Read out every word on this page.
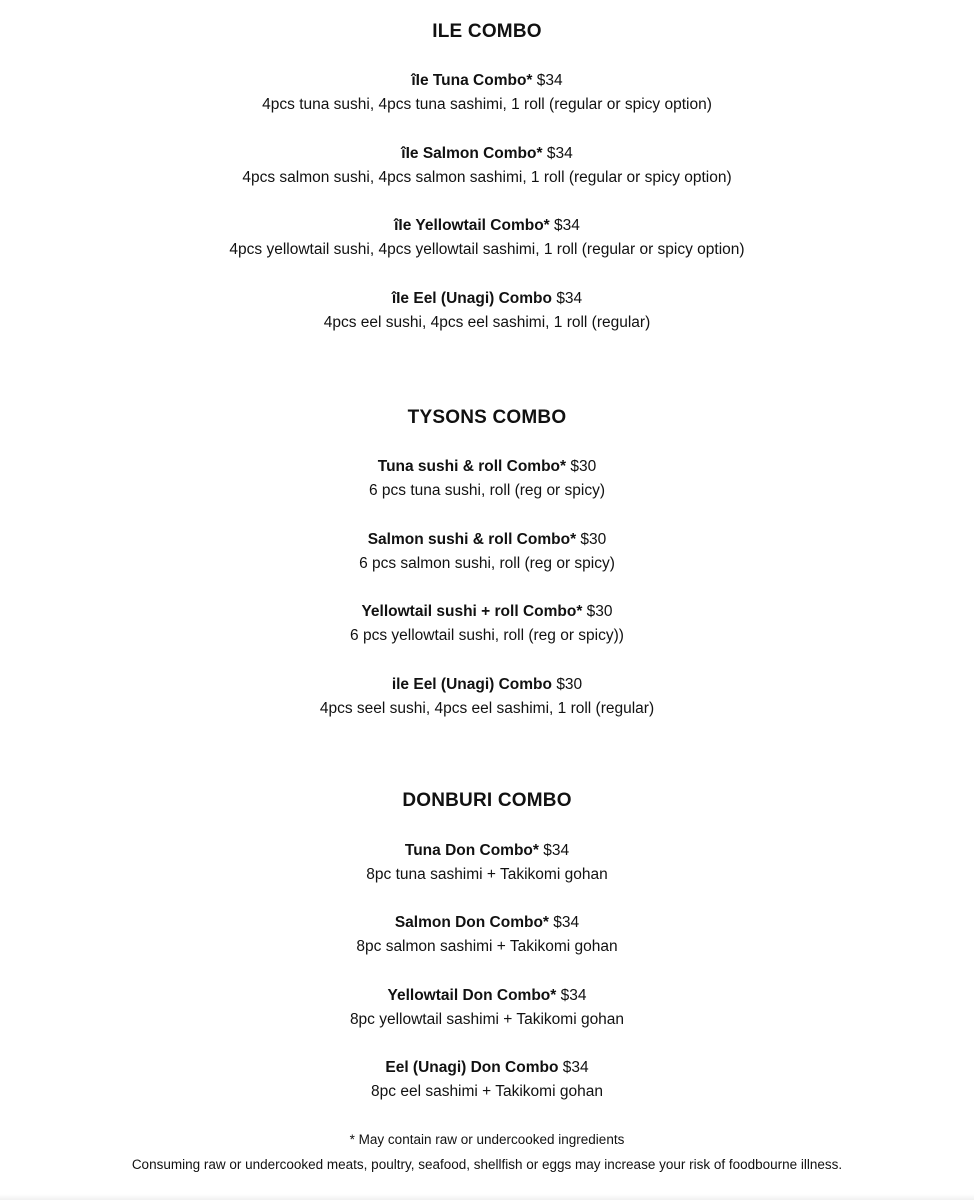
ILE COMBO
îIe Tuna Combo* $34
4pcs tuna sushi, 4pcs tuna sashimi, 1 roll (regular or spicy option)
îIe Salmon Combo* $34
4pcs salmon sushi, 4pcs salmon sashimi, 1 roll (regular or spicy option)
îIe Yellowtail Combo* $34
4pcs yellowtail sushi, 4pcs yellowtail sashimi, 1 roll (regular or spicy option)
îIe Eel (Unagi) Combo $34
4pcs eel sushi, 4pcs eel sashimi, 1 roll (regular)
TYSONS COMBO
Tuna sushi & roll Combo* $30
6 pcs tuna sushi, roll (reg or spicy)
Salmon sushi & roll Combo* $30
6 pcs salmon sushi, roll (reg or spicy)
Yellowtail sushi + roll Combo* $30
6 pcs yellowtail sushi, roll (reg or spicy))
ile Eel (Unagi) Combo $30
4pcs seel sushi, 4pcs eel sashimi, 1 roll (regular)
DONBURI COMBO
Tuna Don Combo* $34
8pc tuna sashimi + Takikomi gohan
Salmon Don Combo* $34
8pc salmon sashimi + Takikomi gohan
Yellowtail Don Combo* $34
8pc yellowtail sashimi + Takikomi gohan
Eel (Unagi) Don Combo $34
8pc eel sashimi + Takikomi gohan
* May contain raw or undercooked ingredients
Consuming raw or undercooked meats, poultry, seafood, shellfish or eggs may increase your risk of foodbourne illness.
